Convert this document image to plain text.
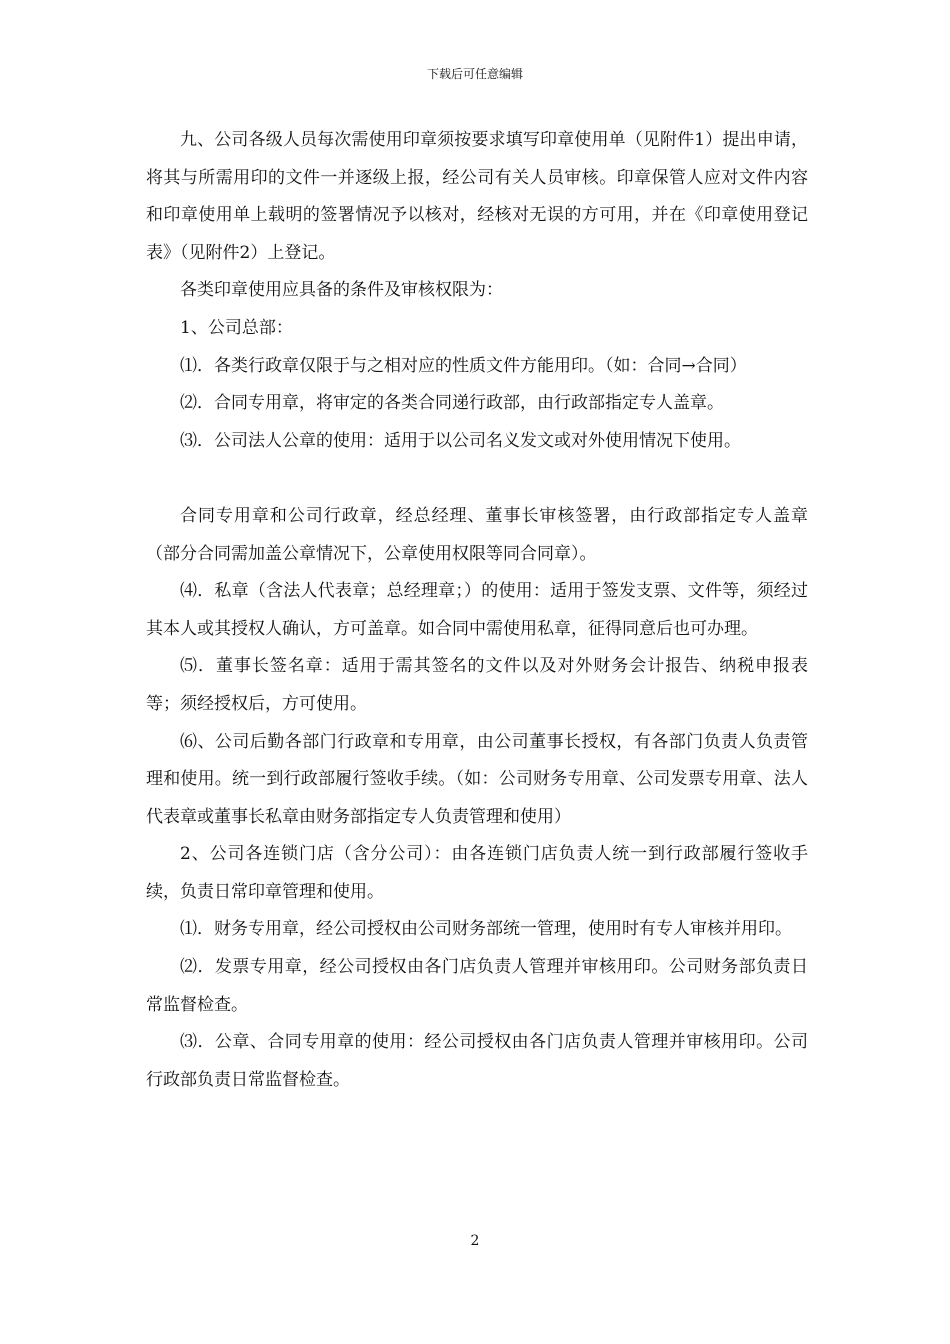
下载后可任意编辑

九、公司各级人员每次需使用印章须按要求填写印章使用单（见附件1）提出申请，将其与所需用印的文件一并逐级上报，经公司有关人员审核。印章保管人应对文件内容和印章使用单上载明的签署情况予以核对，经核对无误的方可用，并在《印章使用登记表》（见附件2）上登记。

各类印章使用应具备的条件及审核权限为：

1、公司总部：

⑴．各类行政章仅限于与之相对应的性质文件方能用印。（如：合同→合同）

⑵．合同专用章，将审定的各类合同递行政部，由行政部指定专人盖章。

⑶．公司法人公章的使用：适用于以公司名义发文或对外使用情况下使用。

合同专用章和公司行政章，经总经理、董事长审核签署，由行政部指定专人盖章（部分合同需加盖公章情况下，公章使用权限等同合同章）。

⑷．私章（含法人代表章；总经理章；）的使用：适用于签发支票、文件等，须经过其本人或其授权人确认，方可盖章。如合同中需使用私章，征得同意后也可办理。

⑸．董事长签名章：适用于需其签名的文件以及对外财务会计报告、纳税申报表等；须经授权后，方可使用。

⑹、公司后勤各部门行政章和专用章，由公司董事长授权，有各部门负责人负责管理和使用。统一到行政部履行签收手续。（如：公司财务专用章、公司发票专用章、法人代表章或董事长私章由财务部指定专人负责管理和使用）

2、公司各连锁门店（含分公司）：由各连锁门店负责人统一到行政部履行签收手续，负责日常印章管理和使用。

⑴．财务专用章，经公司授权由公司财务部统一管理，使用时有专人审核并用印。

⑵．发票专用章，经公司授权由各门店负责人管理并审核用印。公司财务部负责日常监督检查。

⑶．公章、合同专用章的使用：经公司授权由各门店负责人管理并审核用印。公司行政部负责日常监督检查。

2
